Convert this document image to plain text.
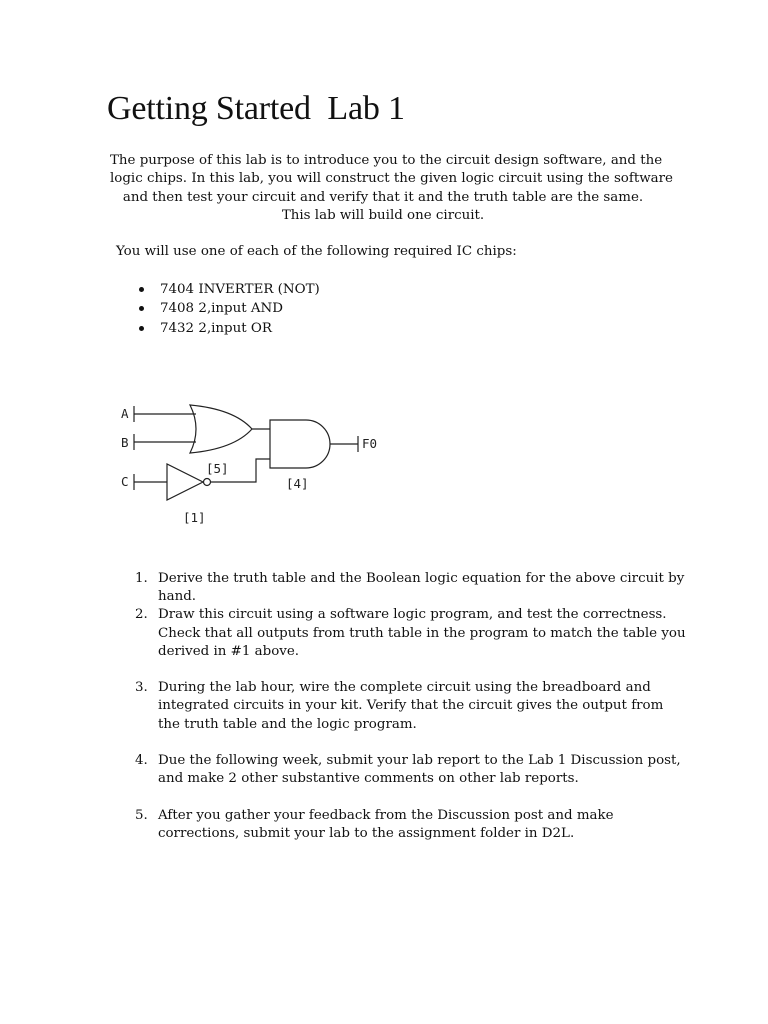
Getting Started  Lab 1

The purpose of this lab is to introduce you to the circuit design software, and the
logic chips. In this lab, you will construct the given logic circuit using the software
and then test your circuit and verify that it and the truth table are the same.
This lab will build one circuit.

You will use one of each of the following required IC chips:

7404 INVERTER (NOT)
7408 2‚input AND
7432 2‚input OR
A
B
C
F0
[5]
[4]
[1]
1. Derive the truth table and the Boolean logic equation for the above circuit by
hand.
2. Draw this circuit using a software logic program, and test the correctness.
Check that all outputs from truth table in the program to match the table you
derived in #1 above.
3. During the lab hour, wire the complete circuit using the breadboard and
integrated circuits in your kit. Verify that the circuit gives the output from
the truth table and the logic program.
4. Due the following week, submit your lab report to the Lab 1 Discussion post,
and make 2 other substantive comments on other lab reports.
5. After you gather your feedback from the Discussion post and make
corrections, submit your lab to the assignment folder in D2L.
